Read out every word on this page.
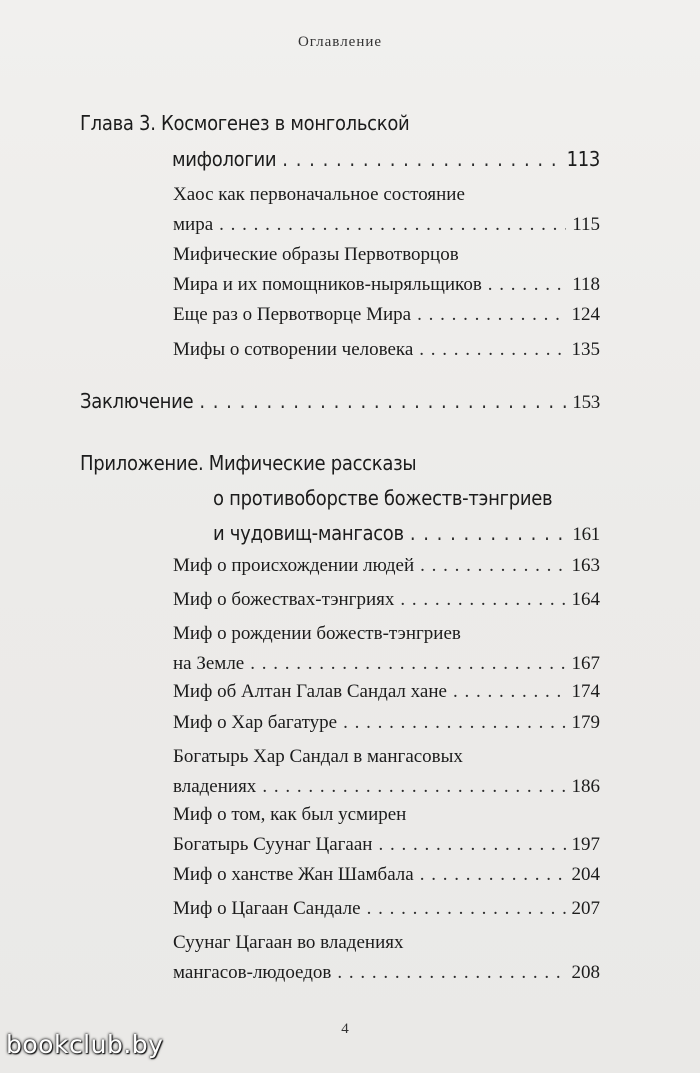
Оглавление
Глава 3. Космогенез в монгольской
мифологии . . .	113
Хаос как первоначальное состояние
мира . . .	115
Мифические образы Первотворцов
Мира и их помощников-ныряльщиков . . .	118
Еще раз о Первотворце Мира . . .	124
Мифы о сотворении человека . . .	135
Заключение . . .	153
Приложение. Мифические рассказы
о противоборстве божеств-тэнгриев
и чудовищ-мангасов . . .	161
Миф о происхождении людей . . .	163
Миф о божествах-тэнгриях . . .	164
Миф о рождении божеств-тэнгриев
на Земле . . .	167
Миф об Алтан Галав Сандал хане . . .	174
Миф о Хар багатуре . . .	179
Богатырь Хар Сандал в мангасовых
владениях . . .	186
Миф о том, как был усмирен
Богатырь Суунаг Цагаан . . .	197
Миф о ханстве Жан Шамбала . . .	204
Миф о Цагаан Сандале . . .	207
Суунаг Цагаан во владениях
мангасов-людоедов . . .	208
4
bookclub.by
